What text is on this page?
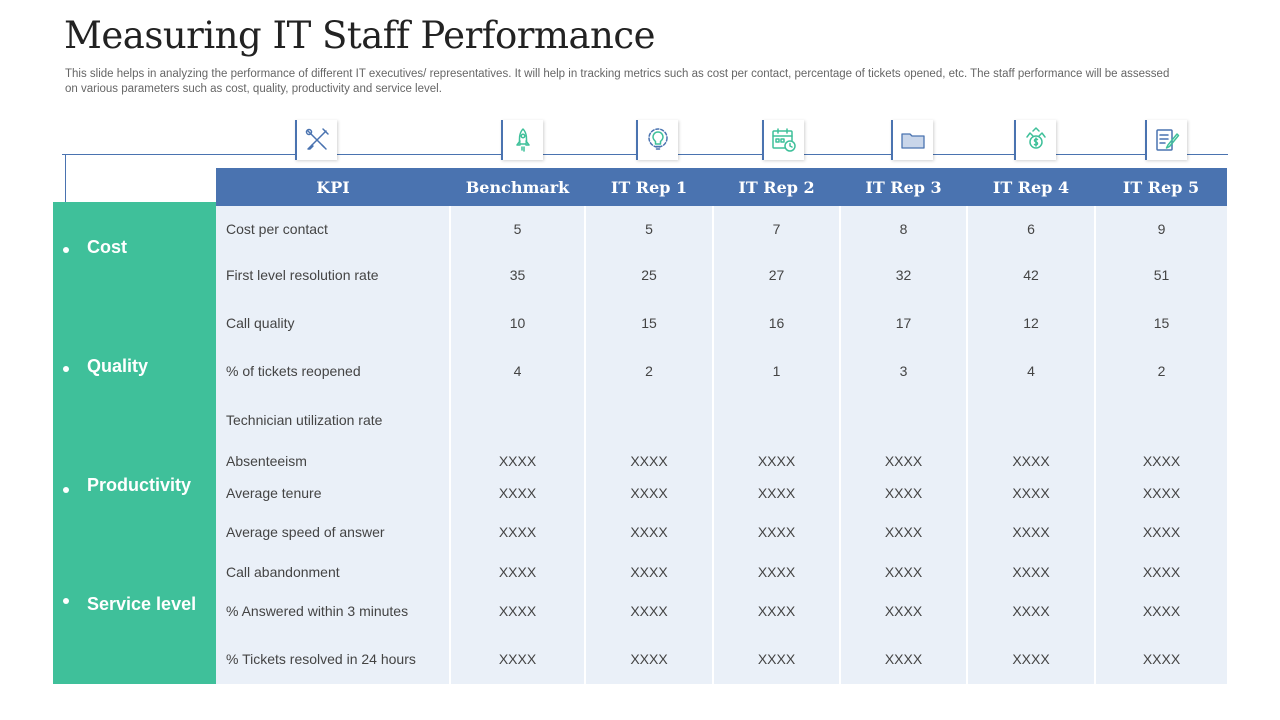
Measuring IT Staff Performance

This slide helps in analyzing the performance of different IT executives/ representatives. It will help in tracking metrics such as cost per contact, percentage of tickets opened, etc. The staff performance will be assessed on various parameters such as cost, quality, productivity and service level.

Cost
Quality
Productivity
Service level
KPI	Benchmark	IT Rep 1	IT Rep 2	IT Rep 3	IT Rep 4	IT Rep 5
Cost per contact	5	5	7	8	6	9
First level resolution rate	35	25	27	32	42	51
Call quality	10	15	16	17	12	15
% of tickets reopened	4	2	1	3	4	2
Technician utilization rate						
Absenteeism	XXXX	XXXX	XXXX	XXXX	XXXX	XXXX
Average tenure	XXXX	XXXX	XXXX	XXXX	XXXX	XXXX
Average speed of answer	XXXX	XXXX	XXXX	XXXX	XXXX	XXXX
Call abandonment	XXXX	XXXX	XXXX	XXXX	XXXX	XXXX
% Answered within 3 minutes	XXXX	XXXX	XXXX	XXXX	XXXX	XXXX
% Tickets resolved in 24 hours	XXXX	XXXX	XXXX	XXXX	XXXX	XXXX
